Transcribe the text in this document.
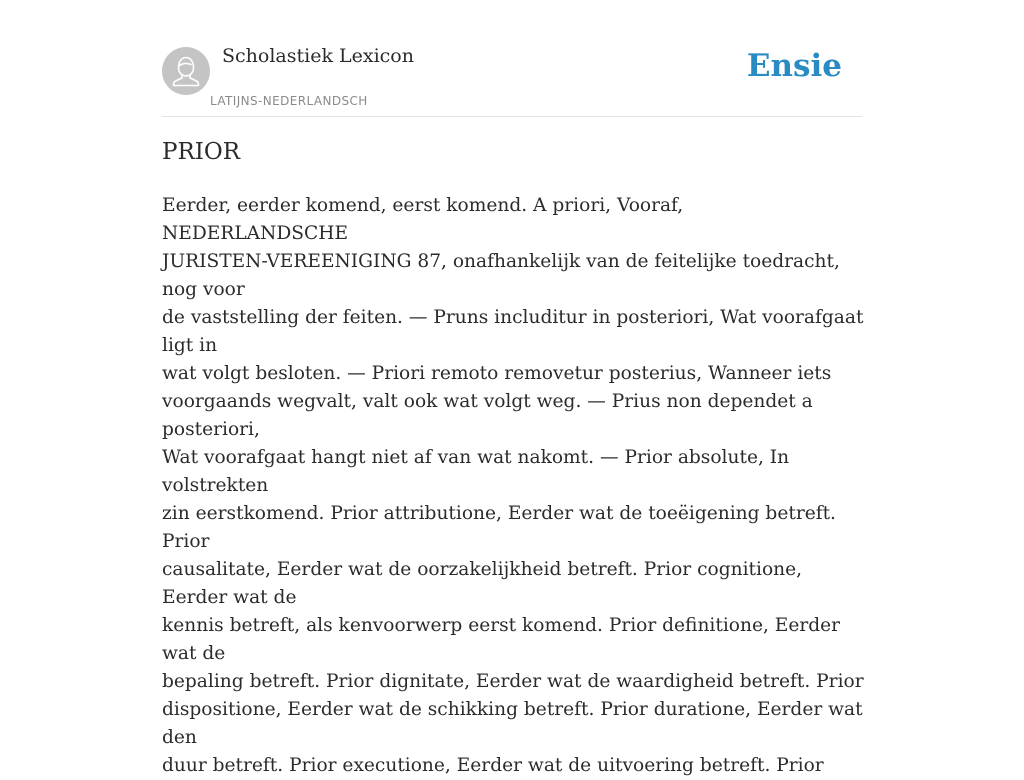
Scholastiek Lexicon
LATIJNS-NEDERLANDSCH
Ensie
PRIOR

Eerder, eerder komend, eerst komend. A priori, Vooraf, NEDERLANDSCHE
JURISTEN-VEREENIGING 87, onafhankelijk van de feitelijke toedracht, nog voor
de vaststelling der feiten. — Pruns includitur in posteriori, Wat voorafgaat ligt in
wat volgt besloten. — Priori remoto removetur posterius, Wanneer iets
voorgaands wegvalt, valt ook wat volgt weg. — Prius non dependet a posteriori,
Wat voorafgaat hangt niet af van wat nakomt. — Prior absolute, In volstrekten
zin eerstkomend. Prior attributione, Eerder wat de toeëigening betreft. Prior
causalitate, Eerder wat de oorzakelijkheid betreft. Prior cognitione, Eerder wat de
kennis betreft, als kenvoorwerp eerst komend. Prior definitione, Eerder wat de
bepaling betreft. Prior dignitate, Eerder wat de waardigheid betreft. Prior
dispositione, Eerder wat de schikking betreft. Prior duratione, Eerder wat den
duur betreft. Prior executione, Eerder wat de uitvoering betreft. Prior
